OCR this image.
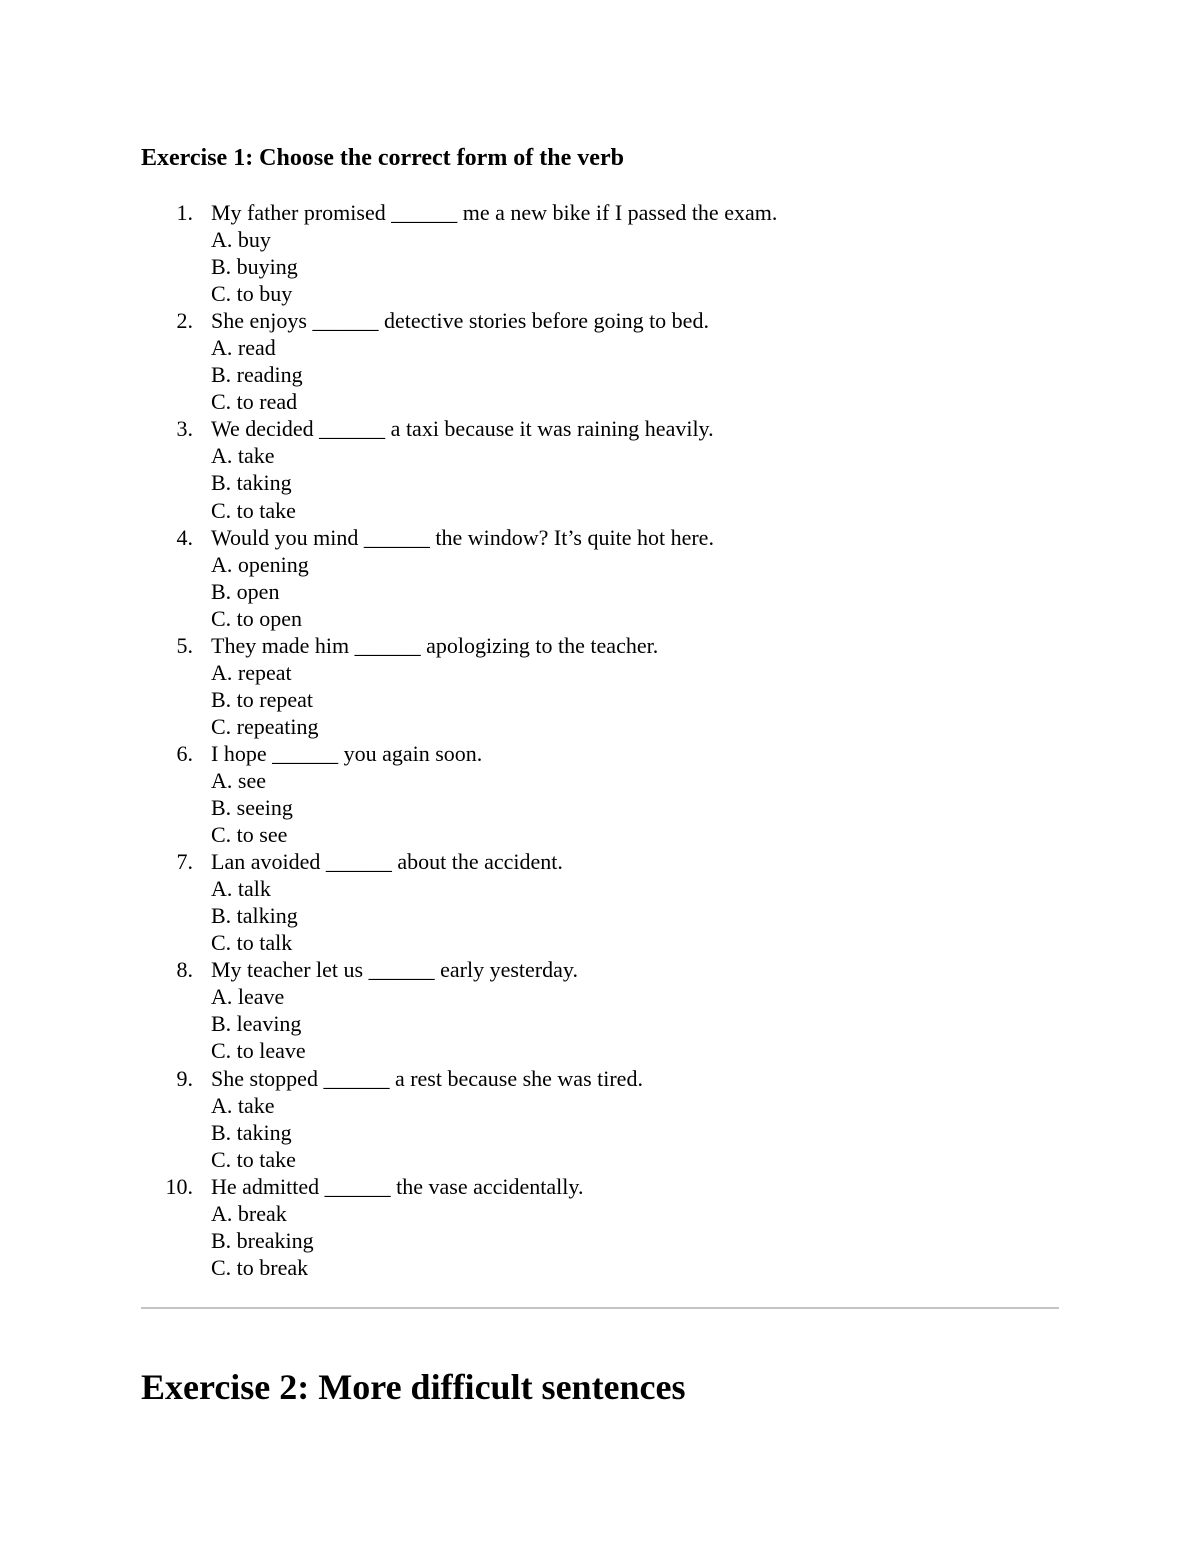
Exercise 1: Choose the correct form of the verb
1. My father promised ______ me a new bike if I passed the exam.
A. buy
B. buying
C. to buy
2. She enjoys ______ detective stories before going to bed.
A. read
B. reading
C. to read
3. We decided ______ a taxi because it was raining heavily.
A. take
B. taking
C. to take
4. Would you mind ______ the window? It’s quite hot here.
A. opening
B. open
C. to open
5. They made him ______ apologizing to the teacher.
A. repeat
B. to repeat
C. repeating
6. I hope ______ you again soon.
A. see
B. seeing
C. to see
7. Lan avoided ______ about the accident.
A. talk
B. talking
C. to talk
8. My teacher let us ______ early yesterday.
A. leave
B. leaving
C. to leave
9. She stopped ______ a rest because she was tired.
A. take
B. taking
C. to take
10. He admitted ______ the vase accidentally.
A. break
B. breaking
C. to break
Exercise 2: More difficult sentences
